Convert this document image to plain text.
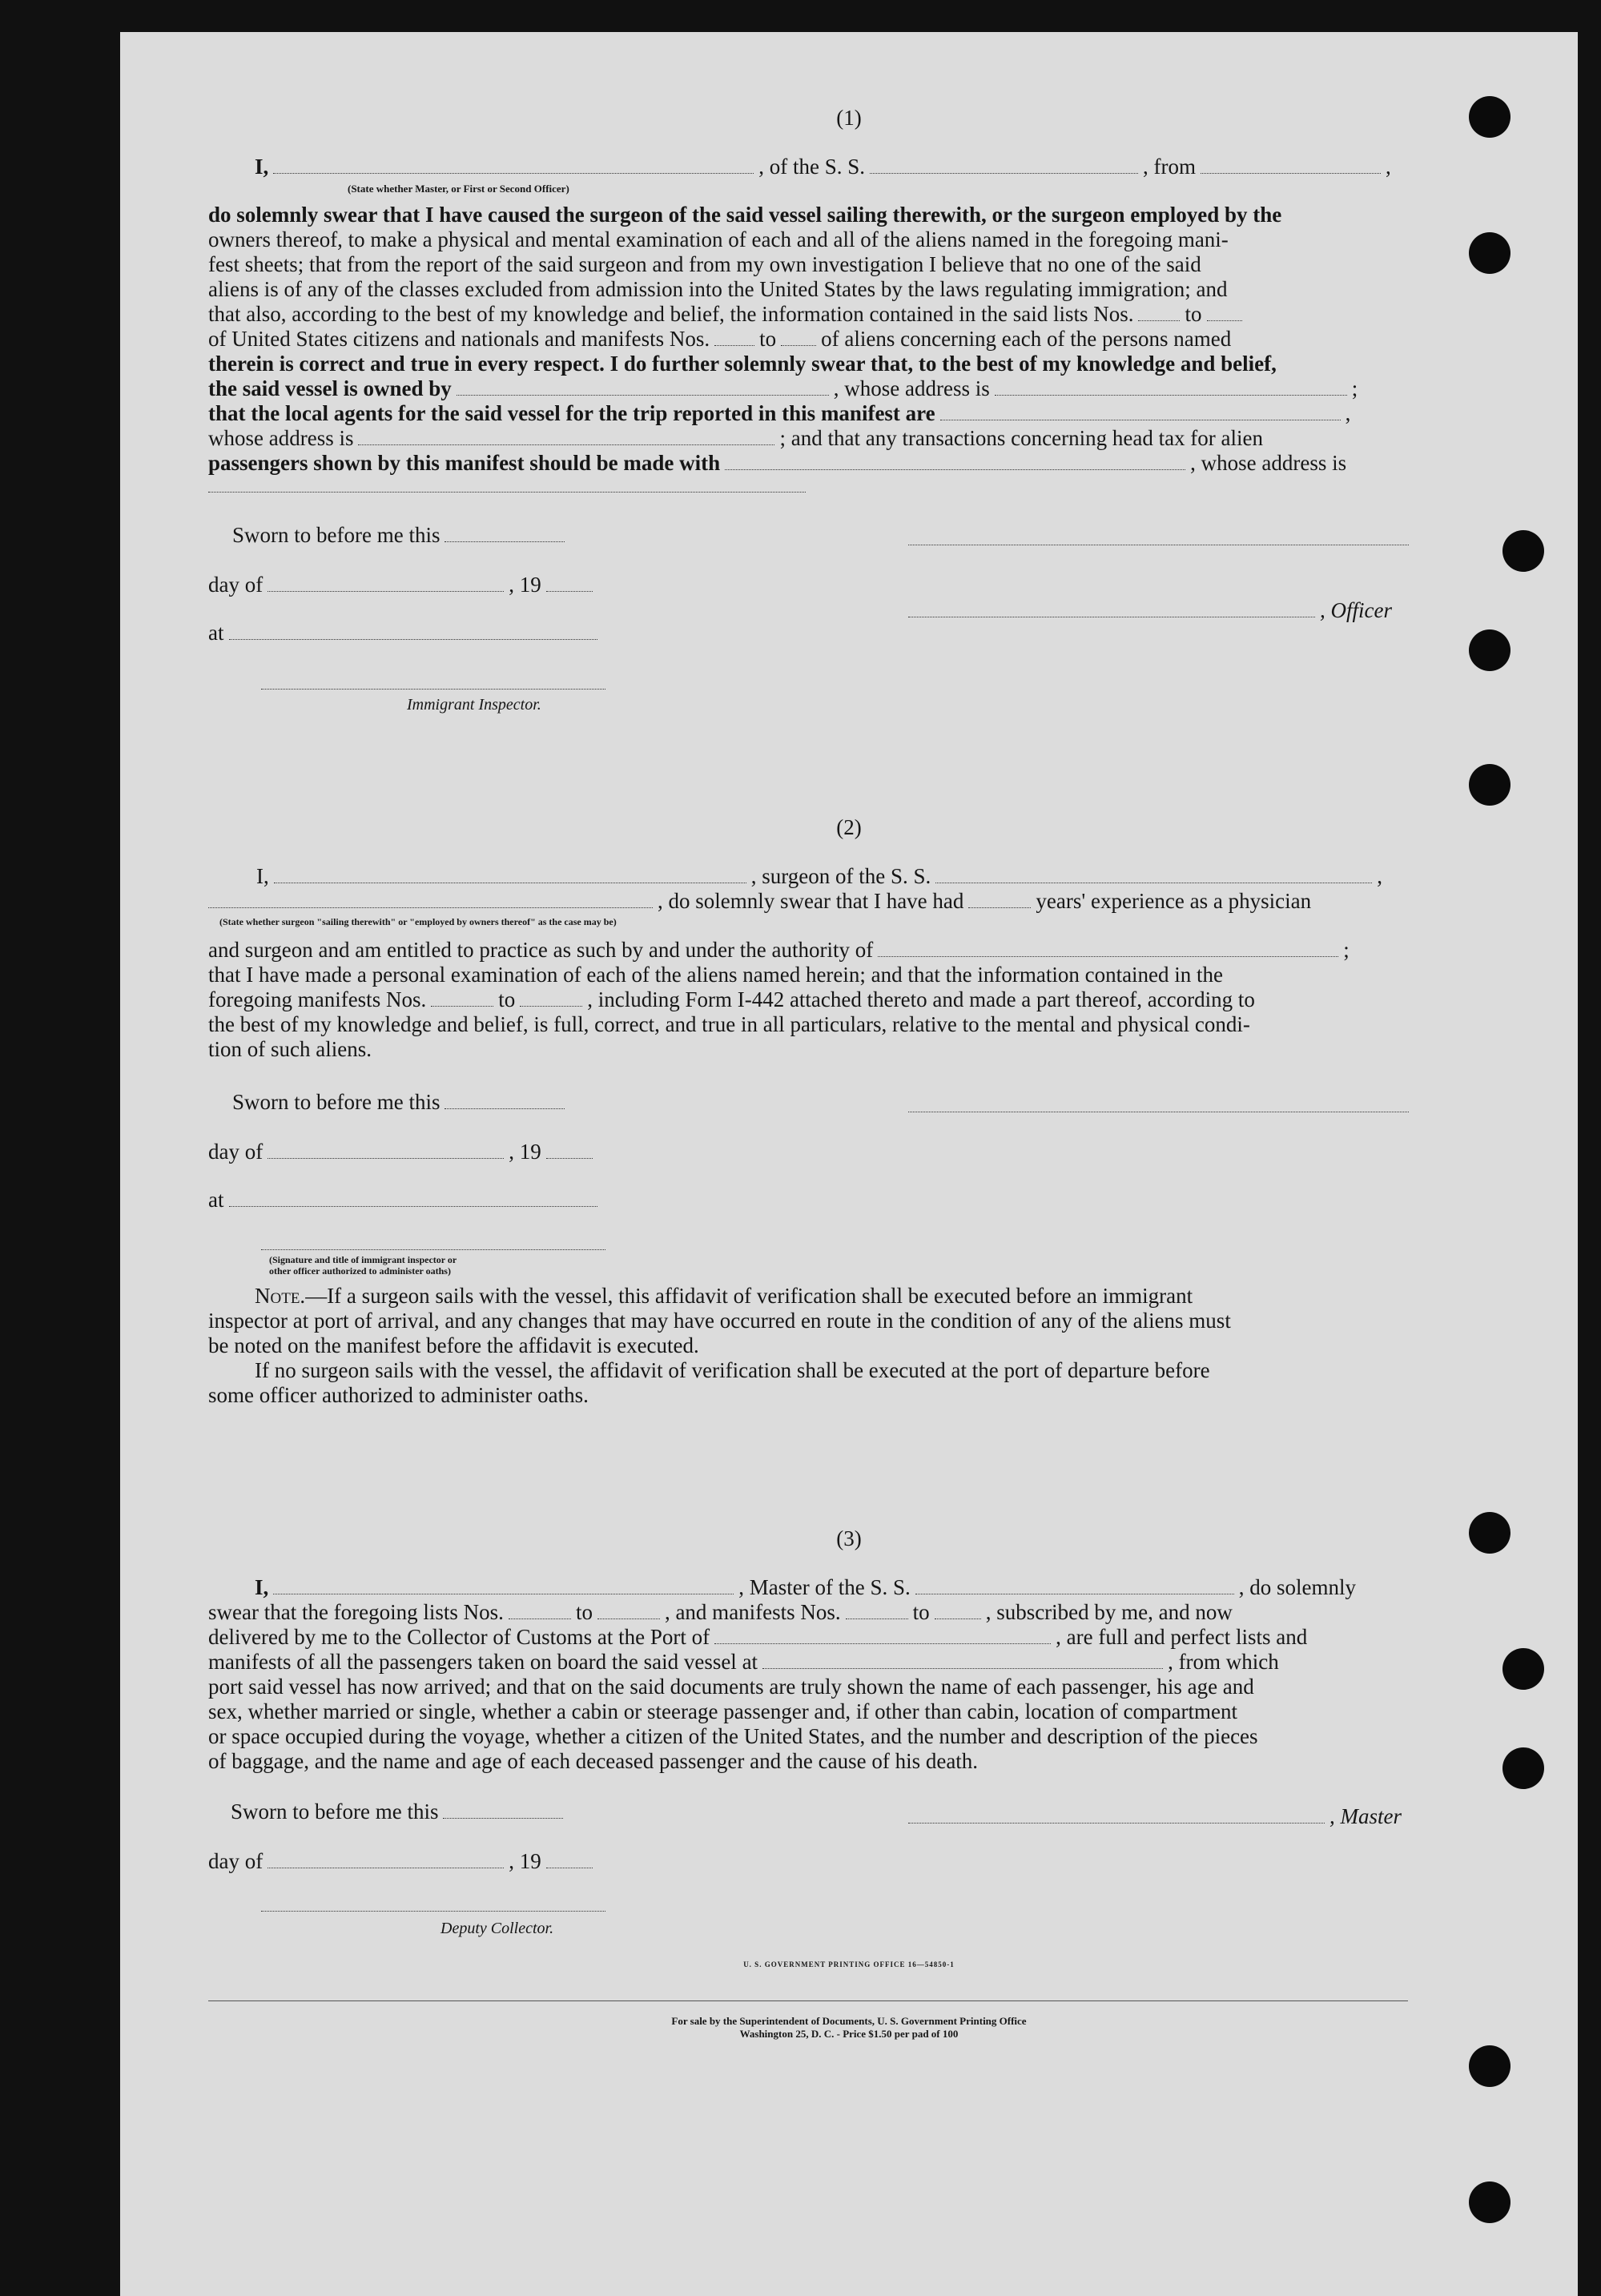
(1)
I,	, of the S. S.	, from	,
(State whether Master, or First or Second Officer)
do solemnly swear that I have caused the surgeon of the said vessel sailing therewith, or the surgeon employed by the
owners thereof, to make a physical and mental examination of each and all of the aliens named in the foregoing mani-
fest sheets; that from the report of the said surgeon and from my own investigation I believe that no one of the said
aliens is of any of the classes excluded from admission into the United States by the laws regulating immigration; and
that also, according to the best of my knowledge and belief, the information contained in the said lists Nos. to
of United States citizens and nationals and manifests Nos. to of aliens concerning each of the persons named
therein is correct and true in every respect. I do further solemnly swear that, to the best of my knowledge and belief,
the said vessel is owned by	, whose address is	;
that the local agents for the said vessel for the trip reported in this manifest are	,
whose address is	; and that any transactions concerning head tax for alien
passengers shown by this manifest should be made with	, whose address is
Sworn to before me this
day of	, 19
, Officer
at
Immigrant Inspector.
(2)
I,	, surgeon of the S. S.	,
, do solemnly swear that I have had	years' experience as a physician
(State whether surgeon "sailing therewith" or "employed by owners thereof" as the case may be)
and surgeon and am entitled to practice as such by and under the authority of	;
that I have made a personal examination of each of the aliens named herein; and that the information contained in the
foregoing manifests Nos.	to	, including Form I-442 attached thereto and made a part thereof, according to
the best of my knowledge and belief, is full, correct, and true in all particulars, relative to the mental and physical condi-
tion of such aliens.
Sworn to before me this
day of	, 19
at
(Signature and title of immigrant inspector or
other officer authorized to administer oaths)
Note.—If a surgeon sails with the vessel, this affidavit of verification shall be executed before an immigrant
inspector at port of arrival, and any changes that may have occurred en route in the condition of any of the aliens must
be noted on the manifest before the affidavit is executed.
If no surgeon sails with the vessel, the affidavit of verification shall be executed at the port of departure before
some officer authorized to administer oaths.
(3)
I,	, Master of the S. S.	, do solemnly
swear that the foregoing lists Nos.	to	, and manifests Nos.	to	, subscribed by me, and now
delivered by me to the Collector of Customs at the Port of	, are full and perfect lists and
manifests of all the passengers taken on board the said vessel at	, from which
port said vessel has now arrived; and that on the said documents are truly shown the name of each passenger, his age and
sex, whether married or single, whether a cabin or steerage passenger and, if other than cabin, location of compartment
or space occupied during the voyage, whether a citizen of the United States, and the number and description of the pieces
of baggage, and the name and age of each deceased passenger and the cause of his death.
Sworn to before me this	, Master
day of	, 19
Deputy Collector.
U. S. GOVERNMENT PRINTING OFFICE 16—54850-1
For sale by the Superintendent of Documents, U. S. Government Printing Office
Washington 25, D. C. - Price $1.50 per pad of 100
